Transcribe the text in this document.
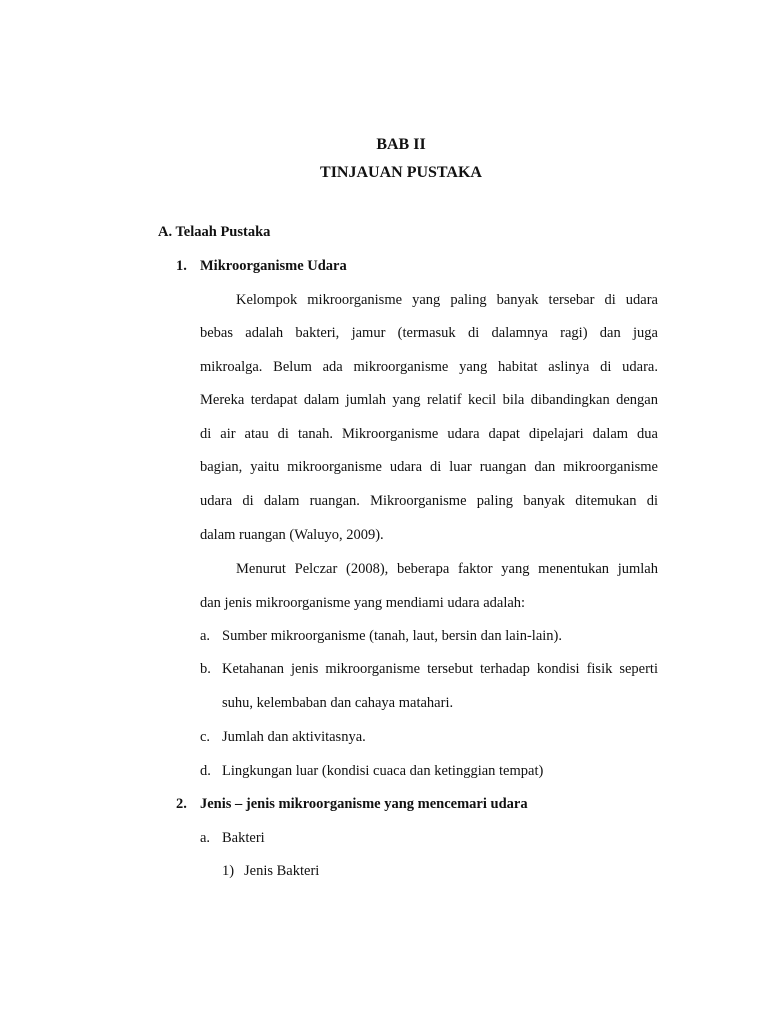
BAB II
TINJAUAN PUSTAKA
A. Telaah Pustaka
1. Mikroorganisme Udara
Kelompok mikroorganisme yang paling banyak tersebar di udara
bebas adalah bakteri, jamur (termasuk di dalamnya ragi) dan juga
mikroalga. Belum ada mikroorganisme yang habitat aslinya di udara.
Mereka terdapat dalam jumlah yang relatif kecil bila dibandingkan dengan
di air atau di tanah. Mikroorganisme udara dapat dipelajari dalam dua
bagian, yaitu mikroorganisme udara di luar ruangan dan mikroorganisme
udara di dalam ruangan. Mikroorganisme paling banyak ditemukan di
dalam ruangan (Waluyo, 2009).
Menurut Pelczar (2008), beberapa faktor yang menentukan jumlah
dan jenis mikroorganisme yang mendiami udara adalah:
a. Sumber mikroorganisme (tanah, laut, bersin dan lain-lain).
b. Ketahanan jenis mikroorganisme tersebut terhadap kondisi fisik seperti
suhu, kelembaban dan cahaya matahari.
c. Jumlah dan aktivitasnya.
d. Lingkungan luar (kondisi cuaca dan ketinggian tempat)
2. Jenis – jenis mikroorganisme yang mencemari udara
a. Bakteri
1) Jenis Bakteri
